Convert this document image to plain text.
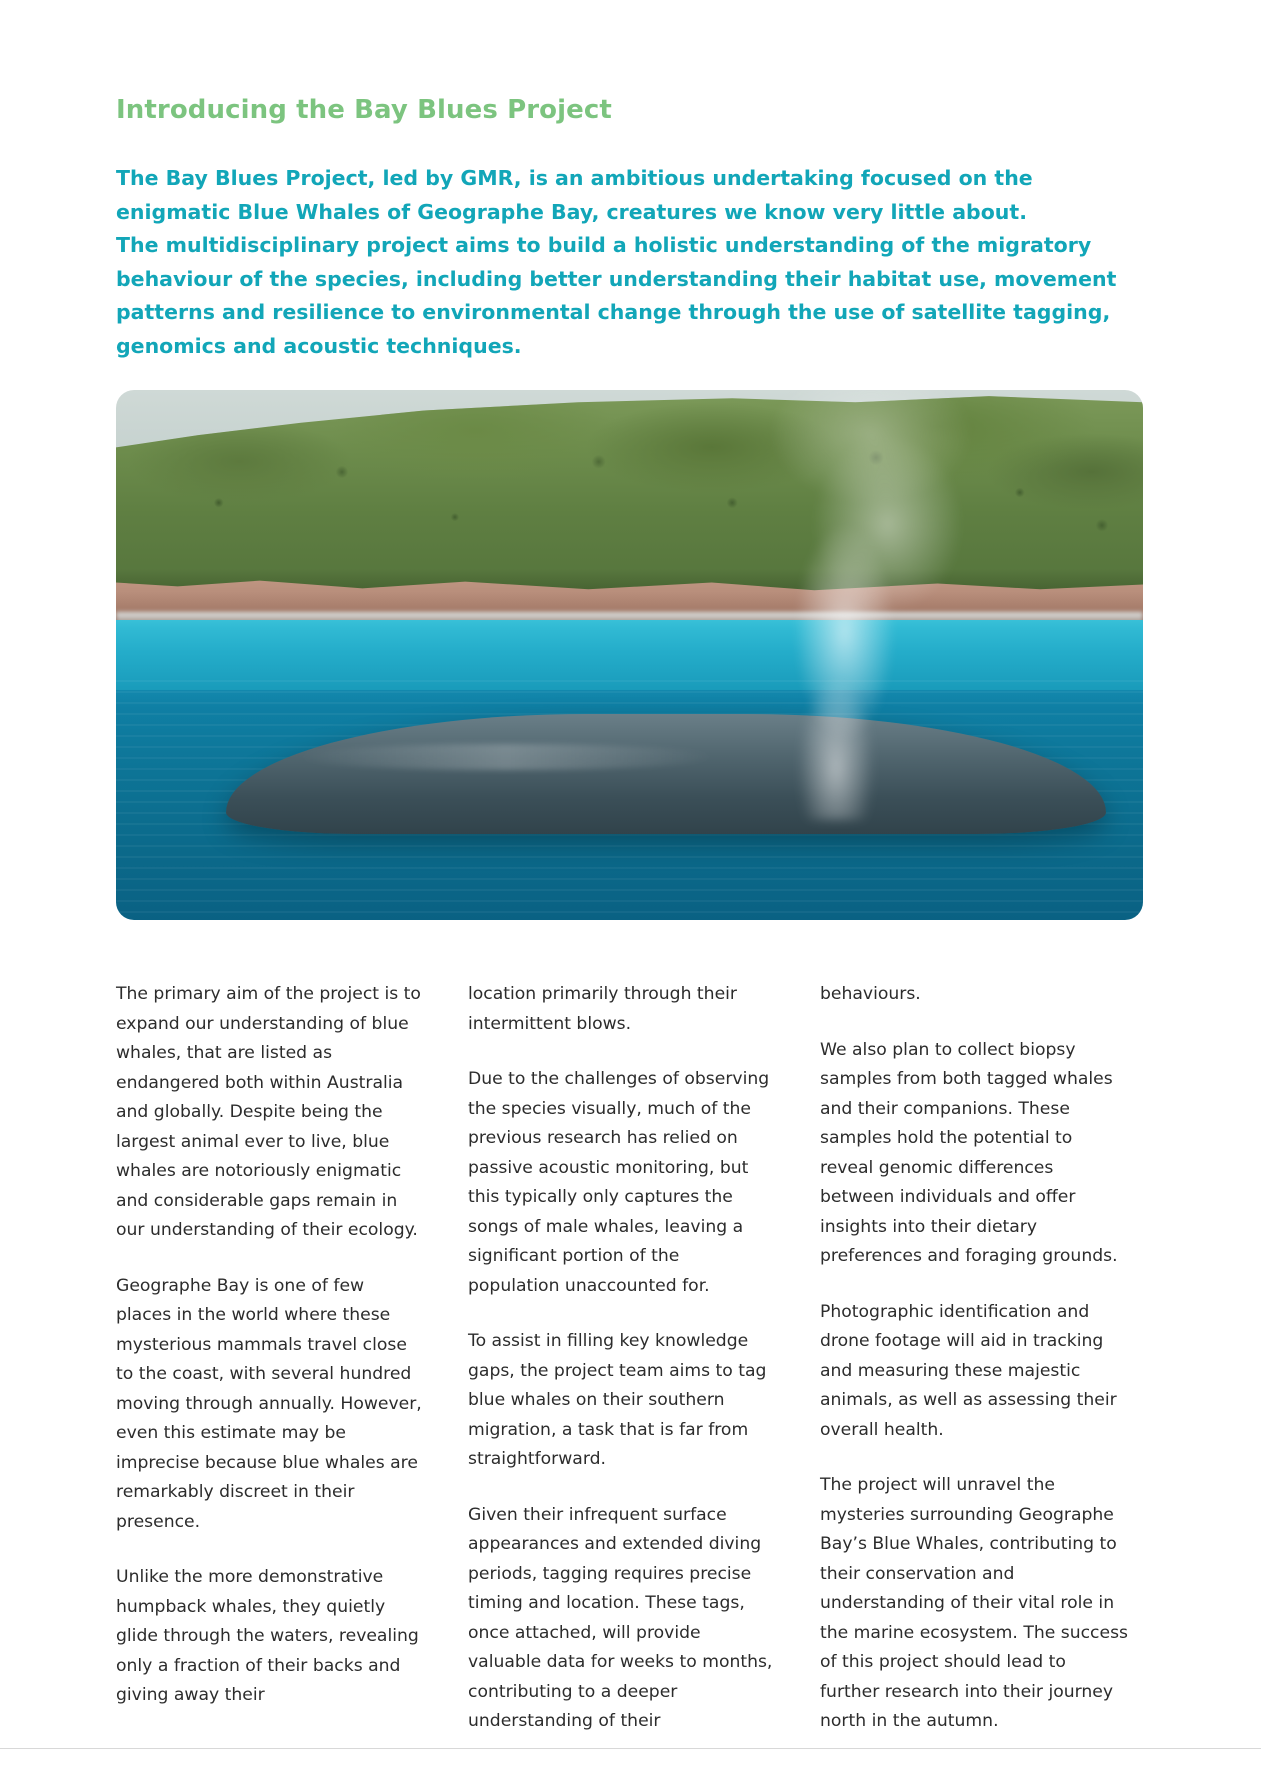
Introducing the Bay Blues Project

The Bay Blues Project, led by GMR, is an ambitious undertaking focused on the enigmatic Blue Whales of Geographe Bay, creatures we know very little about.
The multidisciplinary project aims to build a holistic understanding of the migratory behaviour of the species, including better understanding their habitat use, movement patterns and resilience to environmental change through the use of satellite tagging, genomics and acoustic techniques.

The primary aim of the project is to expand our understanding of blue whales, that are listed as endangered both within Australia and globally. Despite being the largest animal ever to live, blue whales are notoriously enigmatic and considerable gaps remain in our understanding of their ecology.

Geographe Bay is one of few places in the world where these mysterious mammals travel close to the coast, with several hundred moving through annually. However, even this estimate may be imprecise because blue whales are remarkably discreet in their presence.

Unlike the more demonstrative humpback whales, they quietly glide through the waters, revealing only a fraction of their backs and giving away their

location primarily through their intermittent blows.

Due to the challenges of observing the species visually, much of the previous research has relied on passive acoustic monitoring, but this typically only captures the songs of male whales, leaving a significant portion of the population unaccounted for.

To assist in filling key knowledge gaps, the project team aims to tag blue whales on their southern migration, a task that is far from straightforward.

Given their infrequent surface appearances and extended diving periods, tagging requires precise timing and location. These tags, once attached, will provide valuable data for weeks to months, contributing to a deeper understanding of their

behaviours.

We also plan to collect biopsy samples from both tagged whales and their companions. These samples hold the potential to reveal genomic differences between individuals and offer insights into their dietary preferences and foraging grounds.

Photographic identification and drone footage will aid in tracking and measuring these majestic animals, as well as assessing their overall health.

The project will unravel the mysteries surrounding Geographe Bay’s Blue Whales, contributing to their conservation and understanding of their vital role in the marine ecosystem. The success of this project should lead to further research into their journey north in the autumn.
